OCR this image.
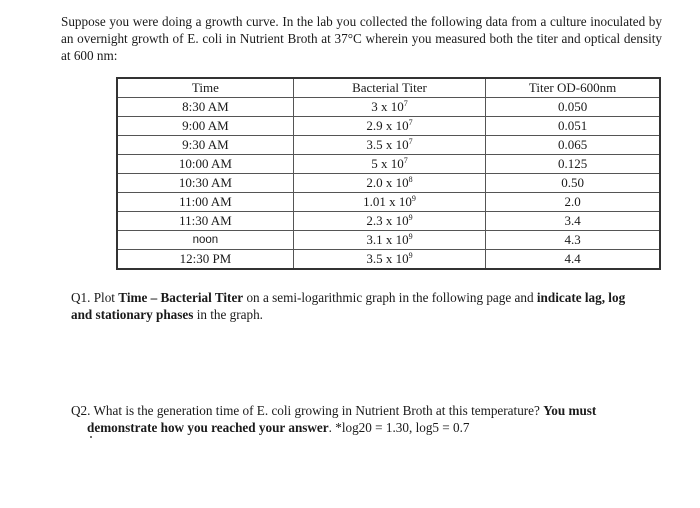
Suppose you were doing a growth curve. In the lab you collected the following data from a culture inoculated by an overnight growth of E. coli in Nutrient Broth at 37°C wherein you measured both the titer and optical density at 600 nm:

Time	Bacterial Titer	Titer OD-600nm
8:30 AM	3 x $10^7$	0.050
9:00 AM	2.9 x $10^7$	0.051
9:30 AM	3.5 x $10^7$	0.065
10:00 AM	5 x $10^7$	0.125
10:30 AM	2.0 x $10^8$	0.50
11:00 AM	1.01 x $10^9$	2.0
11:30 AM	2.3 x $10^9$	3.4
noon	3.1 x $10^9$	4.3
12:30 PM	3.5 x $10^9$	4.4

Q1. Plot Time – Bacterial Titer on a semi-logarithmic graph in the following page and indicate lag, log
and stationary phases in the graph.

Q2. What is the generation time of E. coli growing in Nutrient Broth at this temperature? You must
demonstrate how you reached your answer. *log20 = 1.30, log5 = 0.7
